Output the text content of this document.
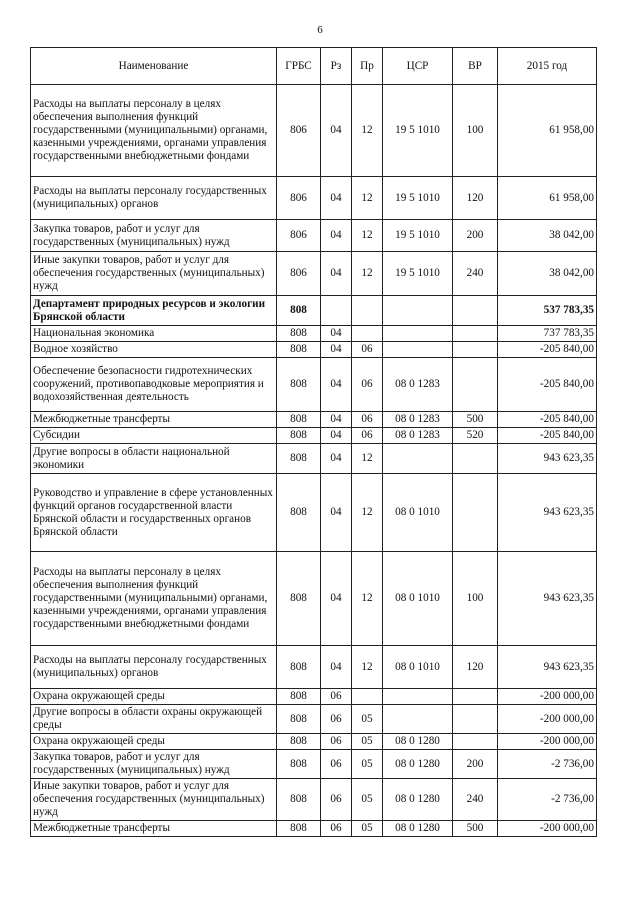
6
Наименование	ГРБС	Рз	Пр	ЦСР	ВР	2015 год
Расходы на выплаты персоналу в целях обеспечения выполнения функций государственными (муниципальными) органами, казенными учреждениями, органами управления государственными внебюджетными фондами	806	04	12	19 5 1010	100	61 958,00
Расходы на выплаты персоналу государственных (муниципальных) органов	806	04	12	19 5 1010	120	61 958,00
Закупка товаров, работ и услуг для государственных (муниципальных) нужд	806	04	12	19 5 1010	200	38 042,00
Иные закупки товаров, работ и услуг для обеспечения государственных (муниципальных) нужд	806	04	12	19 5 1010	240	38 042,00
Департамент природных ресурсов и экологии Брянской области	808					537 783,35
Национальная экономика	808	04				737 783,35
Водное хозяйство	808	04	06			-205 840,00
Обеспечение безопасности гидротехнических сооружений, противопаводковые мероприятия и водохозяйственная деятельность	808	04	06	08 0 1283		-205 840,00
Межбюджетные трансферты	808	04	06	08 0 1283	500	-205 840,00
Субсидии	808	04	06	08 0 1283	520	-205 840,00
Другие вопросы в области национальной экономики	808	04	12			943 623,35
Руководство и управление в сфере установленных функций органов государственной власти Брянской области и государственных органов Брянской области	808	04	12	08 0 1010		943 623,35
Расходы на выплаты персоналу в целях обеспечения выполнения функций государственными (муниципальными) органами, казенными учреждениями, органами управления государственными внебюджетными фондами	808	04	12	08 0 1010	100	943 623,35
Расходы на выплаты персоналу государственных (муниципальных) органов	808	04	12	08 0 1010	120	943 623,35
Охрана окружающей среды	808	06				-200 000,00
Другие вопросы в области охраны окружающей среды	808	06	05			-200 000,00
Охрана окружающей среды	808	06	05	08 0 1280		-200 000,00
Закупка товаров, работ и услуг для государственных (муниципальных) нужд	808	06	05	08 0 1280	200	-2 736,00
Иные закупки товаров, работ и услуг для обеспечения государственных (муниципальных) нужд	808	06	05	08 0 1280	240	-2 736,00
Межбюджетные трансферты	808	06	05	08 0 1280	500	-200 000,00
